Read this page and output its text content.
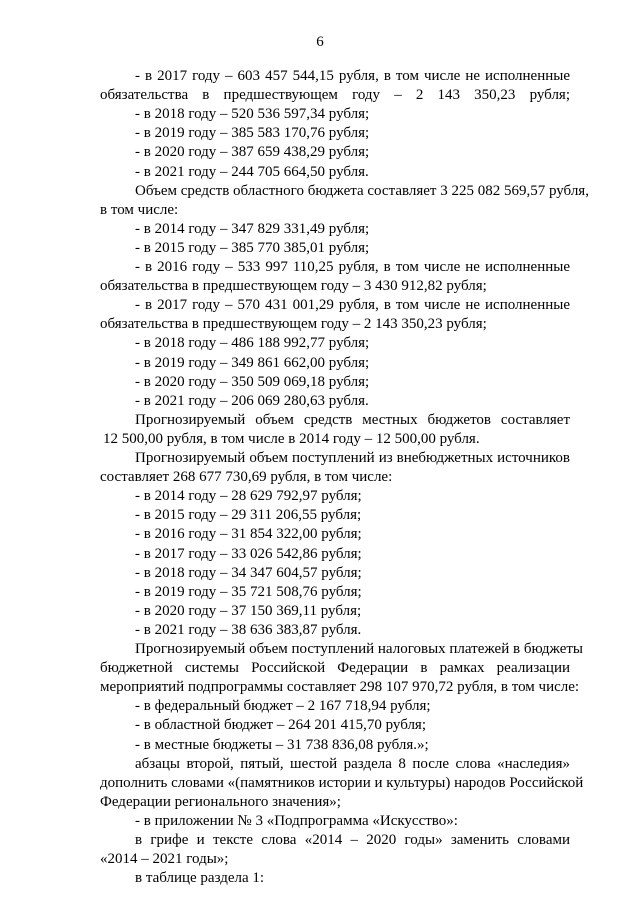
6
- в 2017 году – 603 457 544,15 рубля, в том числе не исполненные
обязательства в предшествующем году – 2 143 350,23 рубля;
- в 2018 году – 520 536 597,34 рубля;
- в 2019 году – 385 583 170,76 рубля;
- в 2020 году – 387 659 438,29 рубля;
- в 2021 году – 244 705 664,50 рубля.
Объем средств областного бюджета составляет 3 225 082 569,57 рубля,
в том числе:
- в 2014 году – 347 829 331,49 рубля;
- в 2015 году – 385 770 385,01 рубля;
- в 2016 году – 533 997 110,25 рубля, в том числе не исполненные
обязательства в предшествующем году – 3 430 912,82 рубля;
- в 2017 году – 570 431 001,29 рубля, в том числе не исполненные
обязательства в предшествующем году – 2 143 350,23 рубля;
- в 2018 году – 486 188 992,77 рубля;
- в 2019 году – 349 861 662,00 рубля;
- в 2020 году – 350 509 069,18 рубля;
- в 2021 году – 206 069 280,63 рубля.
Прогнозируемый объем средств местных бюджетов составляет
12 500,00 рубля, в том числе в 2014 году – 12 500,00 рубля.
Прогнозируемый объем поступлений из внебюджетных источников
составляет 268 677 730,69 рубля, в том числе:
- в 2014 году – 28 629 792,97 рубля;
- в 2015 году – 29 311 206,55 рубля;
- в 2016 году – 31 854 322,00 рубля;
- в 2017 году – 33 026 542,86 рубля;
- в 2018 году – 34 347 604,57 рубля;
- в 2019 году – 35 721 508,76 рубля;
- в 2020 году – 37 150 369,11 рубля;
- в 2021 году – 38 636 383,87 рубля.
Прогнозируемый объем поступлений налоговых платежей в бюджеты
бюджетной системы Российской Федерации в рамках реализации
мероприятий подпрограммы составляет 298 107 970,72 рубля, в том числе:
- в федеральный бюджет – 2 167 718,94 рубля;
- в областной бюджет – 264 201 415,70 рубля;
- в местные бюджеты – 31 738 836,08 рубля.»;
абзацы второй, пятый, шестой раздела 8 после слова «наследия»
дополнить словами «(памятников истории и культуры) народов Российской
Федерации регионального значения»;
- в приложении № 3 «Подпрограмма «Искусство»:
в грифе и тексте слова «2014 – 2020 годы» заменить словами
«2014 – 2021 годы»;
в таблице раздела 1:
